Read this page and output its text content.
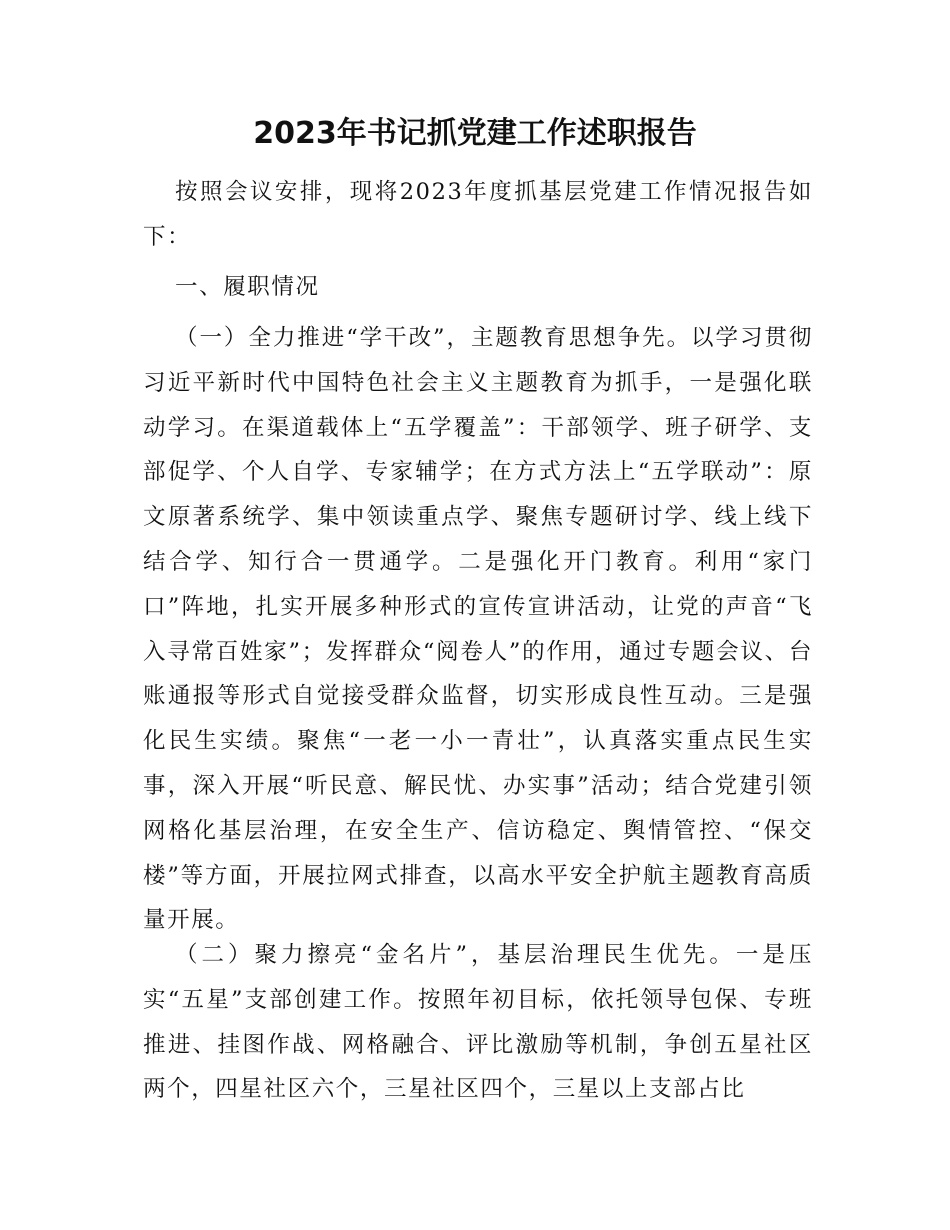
2023年书记抓党建工作述职报告

按照会议安排，现将2023年度抓基层党建工作情况报告如下：

一、履职情况

（一）全力推进“学干改”，主题教育思想争先。以学习贯彻习近平新时代中国特色社会主义主题教育为抓手，一是强化联动学习。在渠道载体上“五学覆盖”：干部领学、班子研学、支部促学、个人自学、专家辅学；在方式方法上“五学联动”：原文原著系统学、集中领读重点学、聚焦专题研讨学、线上线下结合学、知行合一贯通学。二是强化开门教育。利用“家门口”阵地，扎实开展多种形式的宣传宣讲活动，让党的声音“飞入寻常百姓家”；发挥群众“阅卷人”的作用，通过专题会议、台账通报等形式自觉接受群众监督，切实形成良性互动。三是强化民生实绩。聚焦“一老一小一青壮”，认真落实重点民生实事，深入开展“听民意、解民忧、办实事”活动；结合党建引领网格化基层治理，在安全生产、信访稳定、舆情管控、“保交楼”等方面，开展拉网式排查，以高水平安全护航主题教育高质量开展。

（二）聚力擦亮“金名片”，基层治理民生优先。一是压实“五星”支部创建工作。按照年初目标，依托领导包保、专班推进、挂图作战、网格融合、评比激励等机制，争创五星社区两个，四星社区六个，三星社区四个，三星以上支部占比
